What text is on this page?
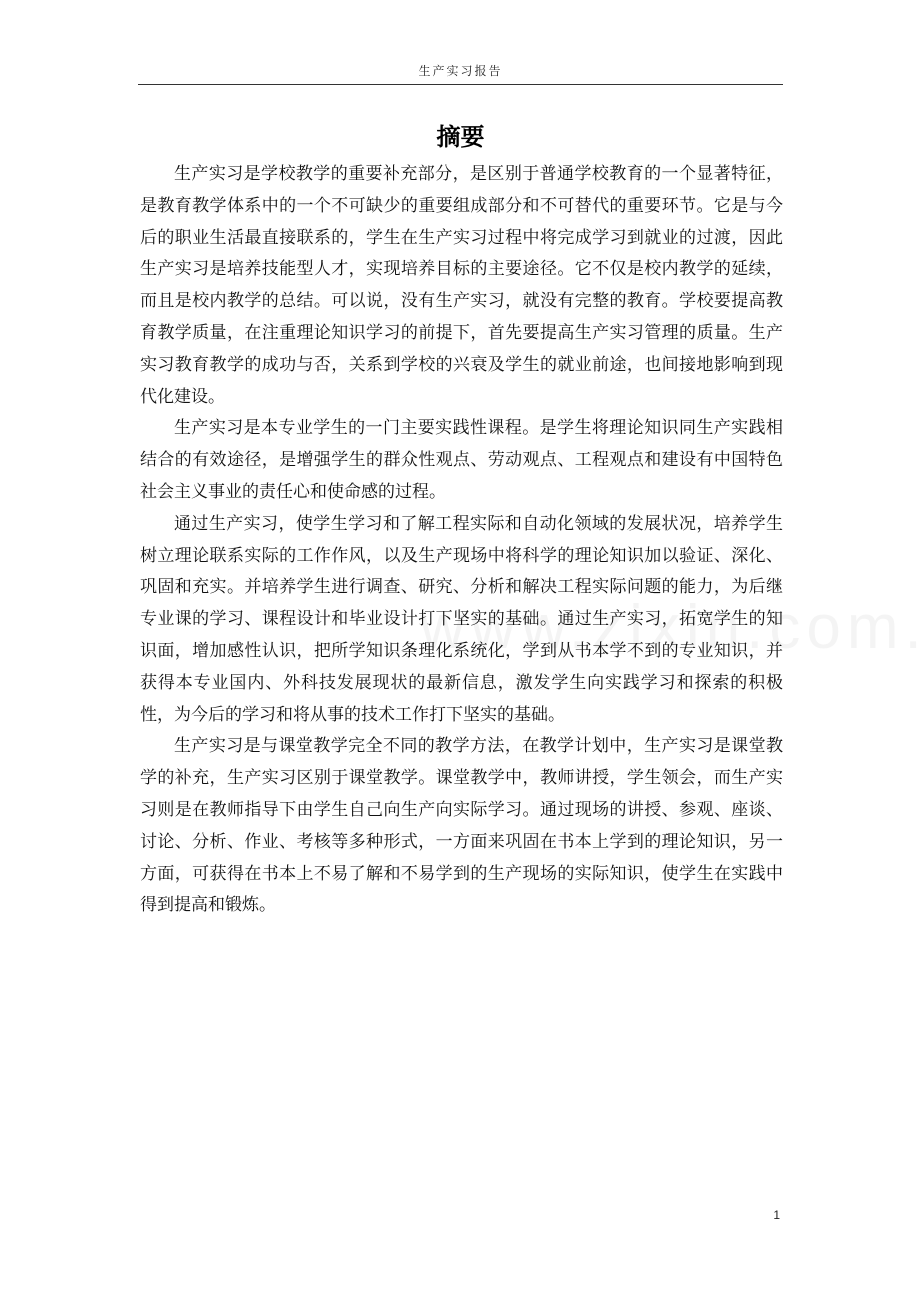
生产实习报告
摘要

生产实习是学校教学的重要补充部分，是区别于普通学校教育的一个显著特征，是教育教学体系中的一个不可缺少的重要组成部分和不可替代的重要环节。它是与今后的职业生活最直接联系的，学生在生产实习过程中将完成学习到就业的过渡，因此生产实习是培养技能型人才，实现培养目标的主要途径。它不仅是校内教学的延续，而且是校内教学的总结。可以说，没有生产实习，就没有完整的教育。学校要提高教育教学质量，在注重理论知识学习的前提下，首先要提高生产实习管理的质量。生产实习教育教学的成功与否，关系到学校的兴衰及学生的就业前途，也间接地影响到现代化建设。

生产实习是本专业学生的一门主要实践性课程。是学生将理论知识同生产实践相结合的有效途径，是增强学生的群众性观点、劳动观点、工程观点和建设有中国特色社会主义事业的责任心和使命感的过程。

通过生产实习，使学生学习和了解工程实际和自动化领域的发展状况，培养学生树立理论联系实际的工作作风，以及生产现场中将科学的理论知识加以验证、深化、巩固和充实。并培养学生进行调查、研究、分析和解决工程实际问题的能力，为后继专业课的学习、课程设计和毕业设计打下坚实的基础。通过生产实习，拓宽学生的知识面，增加感性认识，把所学知识条理化系统化，学到从书本学不到的专业知识，并获得本专业国内、外科技发展现状的最新信息，激发学生向实践学习和探索的积极性，为今后的学习和将从事的技术工作打下坚实的基础。

生产实习是与课堂教学完全不同的教学方法，在教学计划中，生产实习是课堂教学的补充，生产实习区别于课堂教学。课堂教学中，教师讲授，学生领会，而生产实习则是在教师指导下由学生自己向生产向实际学习。通过现场的讲授、参观、座谈、讨论、分析、作业、考核等多种形式，一方面来巩固在书本上学到的理论知识，另一方面，可获得在书本上不易了解和不易学到的生产现场的实际知识，使学生在实践中得到提高和锻炼。

1
